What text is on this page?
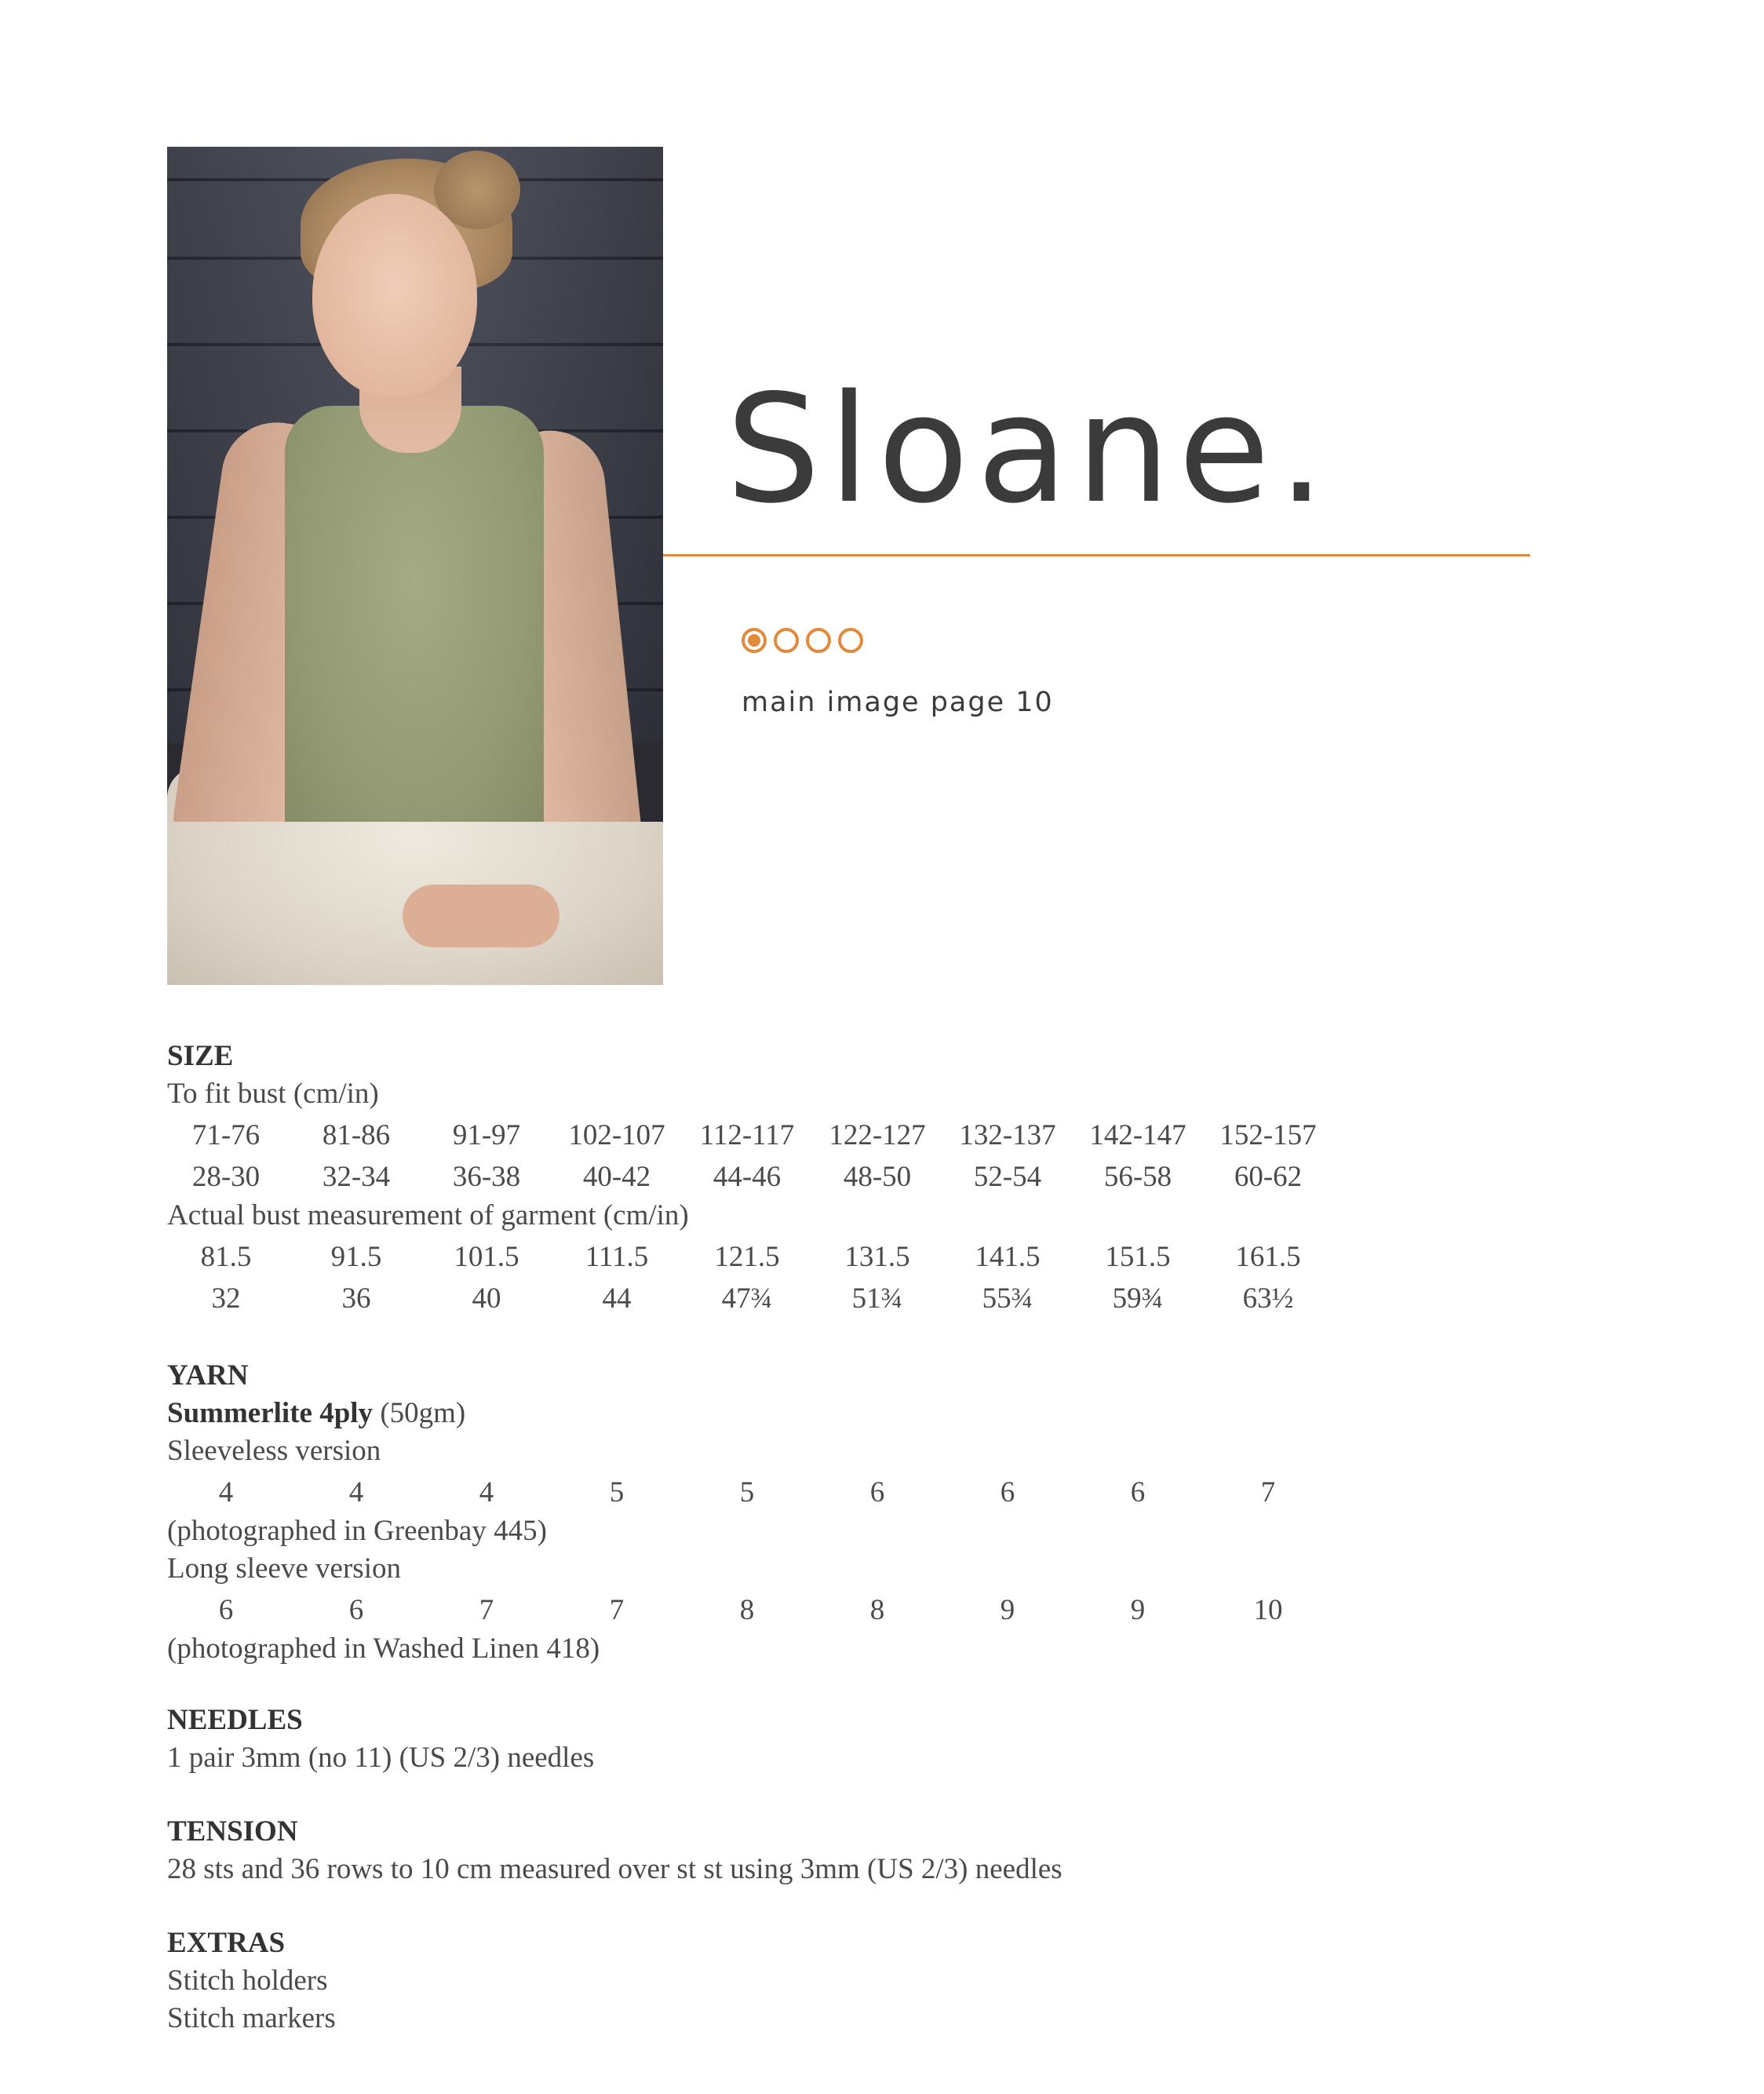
Sloane.
main image page 10
SIZE
To fit bust (cm/in)
71-76	81-86	91-97	102-107	112-117	122-127	132-137	142-147	152-157
28-30	32-34	36-38	40-42	44-46	48-50	52-54	56-58	60-62
Actual bust measurement of garment (cm/in)
81.5	91.5	101.5	111.5	121.5	131.5	141.5	151.5	161.5
32	36	40	44	47¾	51¾	55¾	59¾	63½
YARN
Summerlite 4ply (50gm)
Sleeveless version
4	4	4	5	5	6	6	6	7
(photographed in Greenbay 445)
Long sleeve version
6	6	7	7	8	8	9	9	10
(photographed in Washed Linen 418)
NEEDLES
1 pair 3mm (no 11) (US 2/3) needles
TENSION
28 sts and 36 rows to 10 cm measured over st st using 3mm (US 2/3) needles
EXTRAS
Stitch holders
Stitch markers
